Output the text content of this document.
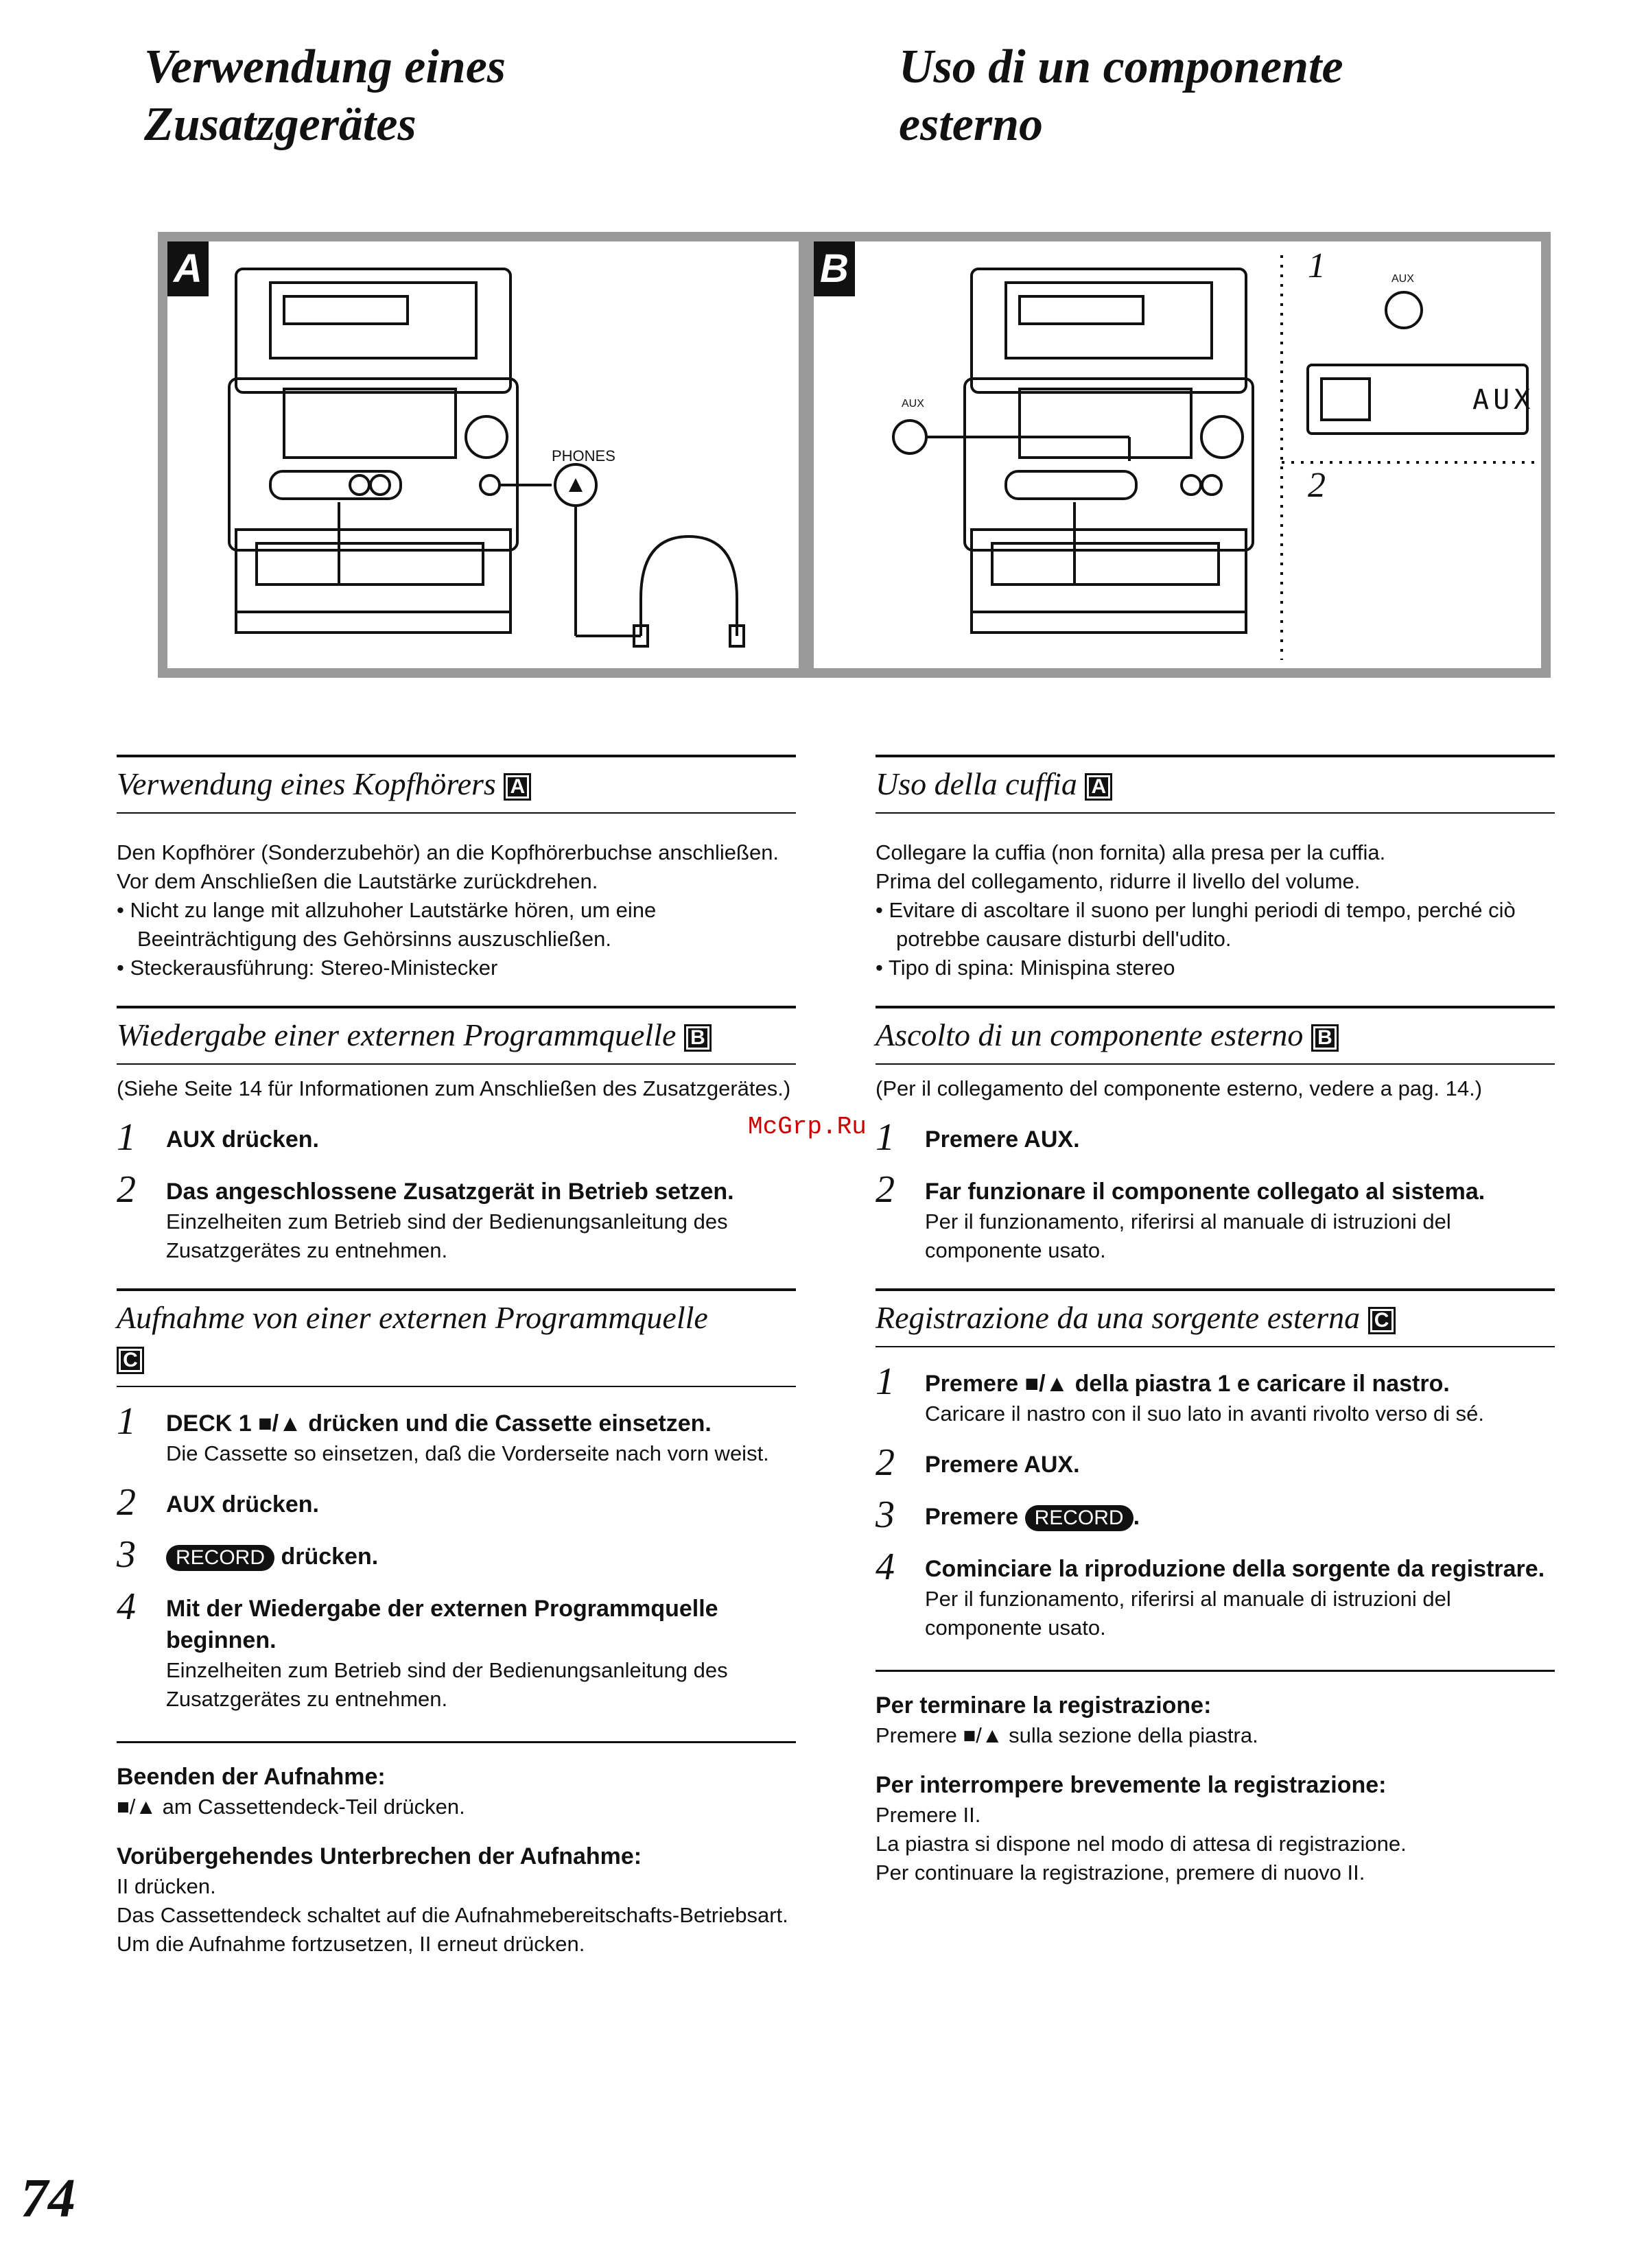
Verwendung eines

Zusatzgerätes

Uso di un componente

esterno

A
PHONES
B
AUX
AUX
AUX
1
2
Verwendung eines Kopfhörers A

Den Kopfhörer (Sonderzubehör) an die Kopfhörerbuchse anschließen.

Vor dem Anschließen die Lautstärke zurückdrehen.

• Nicht zu lange mit allzuhoher Lautstärke hören, um eine Beeinträchtigung des Gehörsinns auszuschließen.

• Steckerausführung: Stereo-Ministecker

Wiedergabe einer externen Programmquelle B

(Siehe Seite 14 für Informationen zum Anschließen des Zusatzgerätes.)

1 AUX drücken.

2 Das angeschlossene Zusatzgerät in Betrieb setzen.

Einzelheiten zum Betrieb sind der Bedienungsanleitung des Zusatzgerätes zu entnehmen.

Aufnahme von einer externen Programmquelle
C
1 DECK 1 ■/▲ drücken und die Cassette einsetzen.

Die Cassette so einsetzen, daß die Vorderseite nach vorn weist.

2 AUX drücken.

3	RECORD drücken.

4 Mit der Wiedergabe der externen Programmquelle beginnen.

Einzelheiten zum Betrieb sind der Bedienungsanleitung des Zusatzgerätes zu entnehmen.

Beenden der Aufnahme:

■/▲ am Cassettendeck-Teil drücken.

Vorübergehendes Unterbrechen der Aufnahme:

II drücken.

Das Cassettendeck schaltet auf die Aufnahmebereitschafts-Betriebsart.

Um die Aufnahme fortzusetzen, II erneut drücken.

Uso della cuffia A

Collegare la cuffia (non fornita) alla presa per la cuffia.

Prima del collegamento, ridurre il livello del volume.

• Evitare di ascoltare il suono per lunghi periodi di tempo, perché ciò potrebbe causare disturbi dell'udito.

• Tipo di spina: Minispina stereo

Ascolto di un componente esterno B

(Per il collegamento del componente esterno, vedere a pag. 14.)

1 Premere AUX.

2 Far funzionare il componente collegato al sistema.

Per il funzionamento, riferirsi al manuale di istruzioni del componente usato.

Registrazione da una sorgente esterna C
1 Premere ■/▲ della piastra 1 e caricare il nastro.

Caricare il nastro con il suo lato in avanti rivolto verso di sé.

2 Premere AUX.

3 Premere RECORD .

4 Cominciare la riproduzione della sorgente da registrare.

Per il funzionamento, riferirsi al manuale di istruzioni del componente usato.

Per terminare la registrazione:

Premere ■/▲ sulla sezione della piastra.

Per interrompere brevemente la registrazione:

Premere II.

La piastra si dispone nel modo di attesa di registrazione.

Per continuare la registrazione, premere di nuovo II.

McGrp.Ru
74
